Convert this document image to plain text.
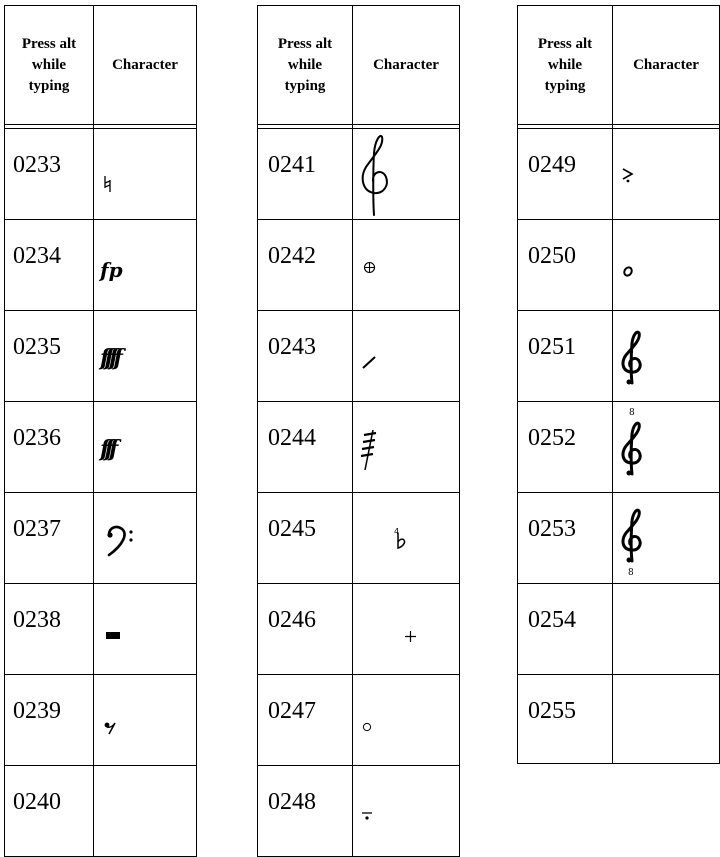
Press alt
while
typing
Character
0233
0234
fp
0235 ffff
0236 fff
0237
0238
0239
0240
Press alt
while
typing
Character
0241
0242
0243
0244
0245	4
0246
0247
0248
Press alt
while
typing
Character
0249
0250
0251
0252
8
0253
8
0254
0255
